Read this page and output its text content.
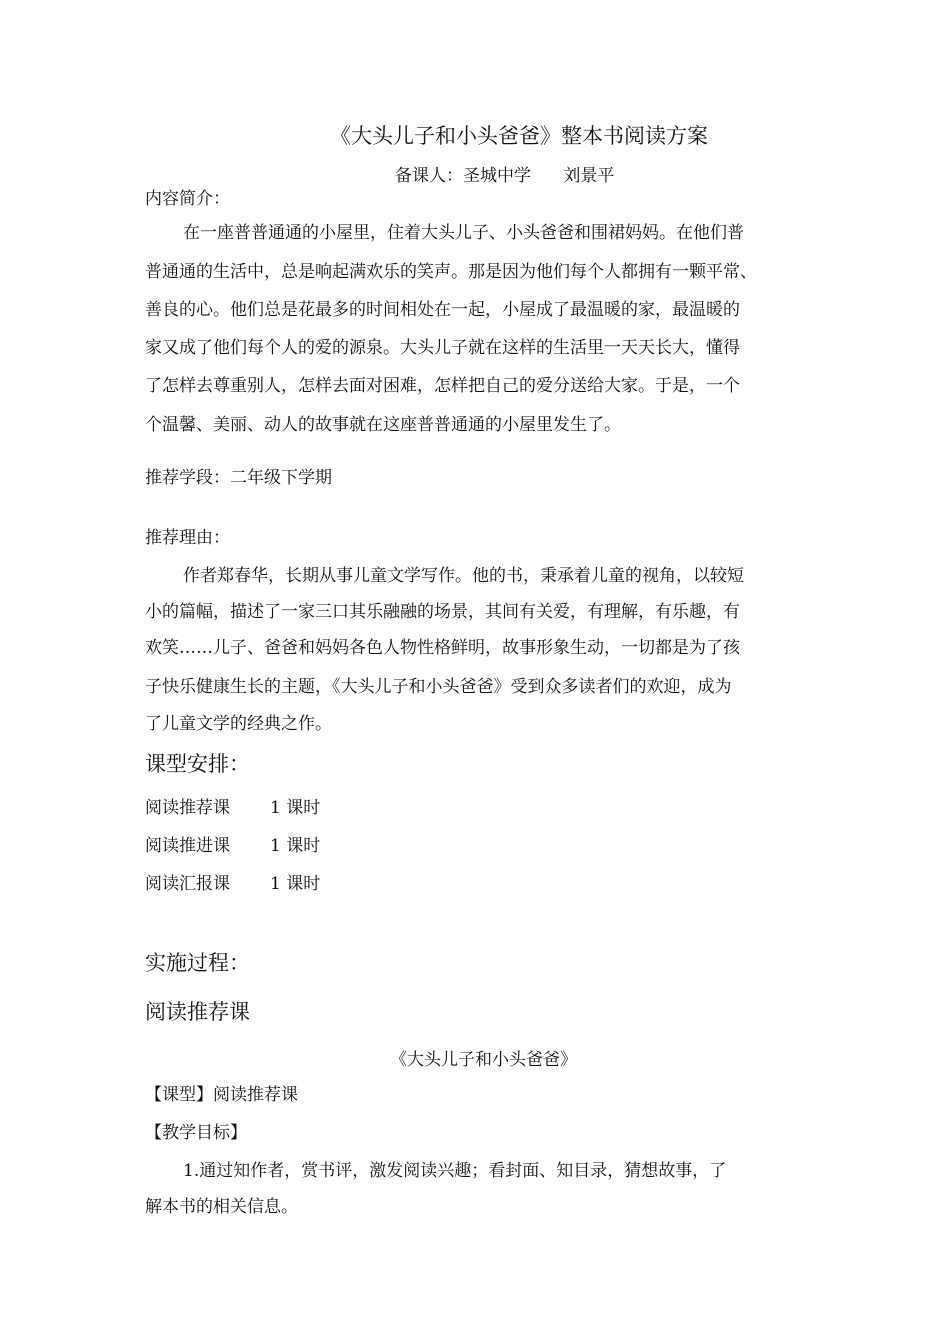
《大头儿子和小头爸爸》整本书阅读方案
备课人：圣城中学      刘景平
内容简介：
在一座普普通通的小屋里，住着大头儿子、小头爸爸和围裙妈妈。在他们普
普通通的生活中，总是响起满欢乐的笑声。那是因为他们每个人都拥有一颗平常、
善良的心。他们总是花最多的时间相处在一起，小屋成了最温暖的家，最温暖的
家又成了他们每个人的爱的源泉。大头儿子就在这样的生活里一天天长大，懂得
了怎样去尊重别人，怎样去面对困难，怎样把自己的爱分送给大家。于是，一个
个温馨、美丽、动人的故事就在这座普普通通的小屋里发生了。
推荐学段：二年级下学期
推荐理由：
作者郑春华，长期从事儿童文学写作。他的书，秉承着儿童的视角，以较短
小的篇幅，描述了一家三口其乐融融的场景，其间有关爱，有理解，有乐趣，有
欢笑……儿子、爸爸和妈妈各色人物性格鲜明，故事形象生动，一切都是为了孩
子快乐健康生长的主题，《大头儿子和小头爸爸》受到众多读者们的欢迎，成为
了儿童文学的经典之作。
课型安排：
阅读推荐课 1 课时
阅读推进课 1 课时
阅读汇报课 1 课时
实施过程：
阅读推荐课
《大头儿子和小头爸爸》
【课型】阅读推荐课
【教学目标】
1.通过知作者，赏书评，激发阅读兴趣；看封面、知目录，猜想故事，了
解本书的相关信息。
